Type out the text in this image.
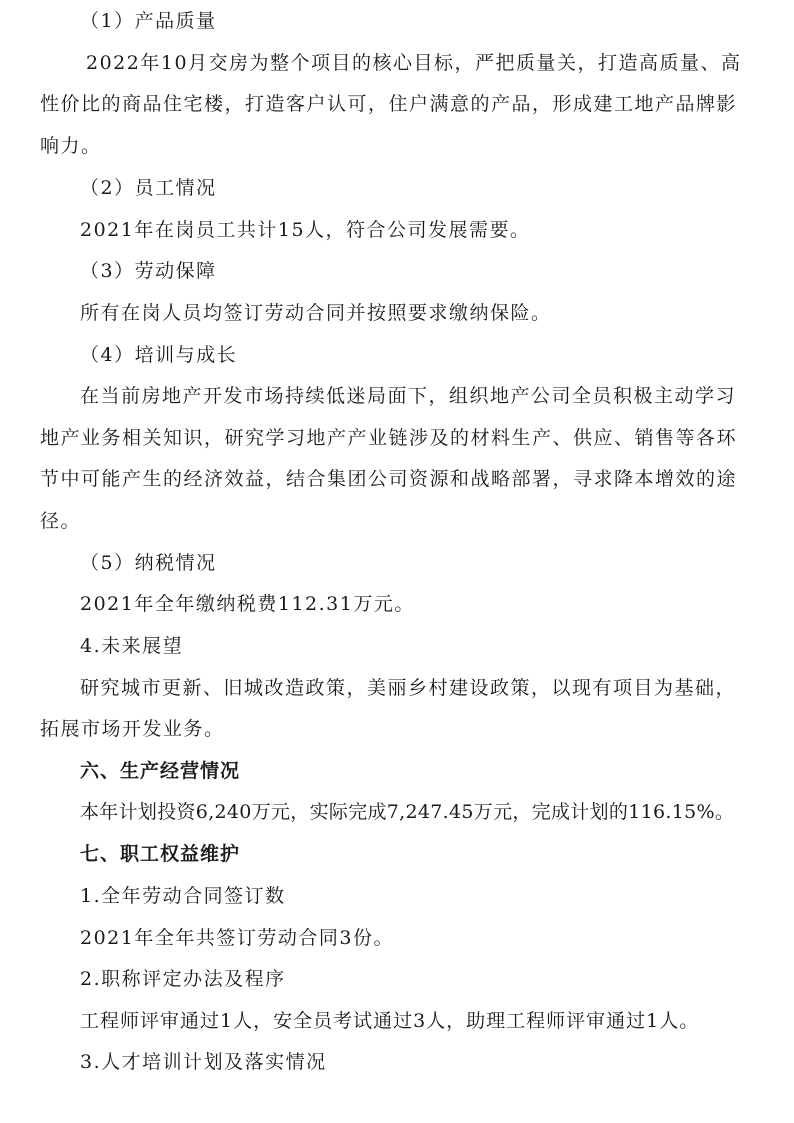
（1）产品质量
2022年10月交房为整个项目的核心目标，严把质量关，打造高质量、高
性价比的商品住宅楼，打造客户认可，住户满意的产品，形成建工地产品牌影
响力。
（2）员工情况
2021年在岗员工共计15人，符合公司发展需要。
（3）劳动保障
所有在岗人员均签订劳动合同并按照要求缴纳保险。
（4）培训与成长
在当前房地产开发市场持续低迷局面下，组织地产公司全员积极主动学习
地产业务相关知识，研究学习地产产业链涉及的材料生产、供应、销售等各环
节中可能产生的经济效益，结合集团公司资源和战略部署，寻求降本增效的途
径。
（5）纳税情况
2021年全年缴纳税费112.31万元。
4.未来展望
研究城市更新、旧城改造政策，美丽乡村建设政策，以现有项目为基础，
拓展市场开发业务。
六、生产经营情况
本年计划投资6,240万元，实际完成7,247.45万元，完成计划的116.15%。
七、职工权益维护
1.全年劳动合同签订数
2021年全年共签订劳动合同3份。
2.职称评定办法及程序
工程师评审通过1人，安全员考试通过3人，助理工程师评审通过1人。
3.人才培训计划及落实情况
